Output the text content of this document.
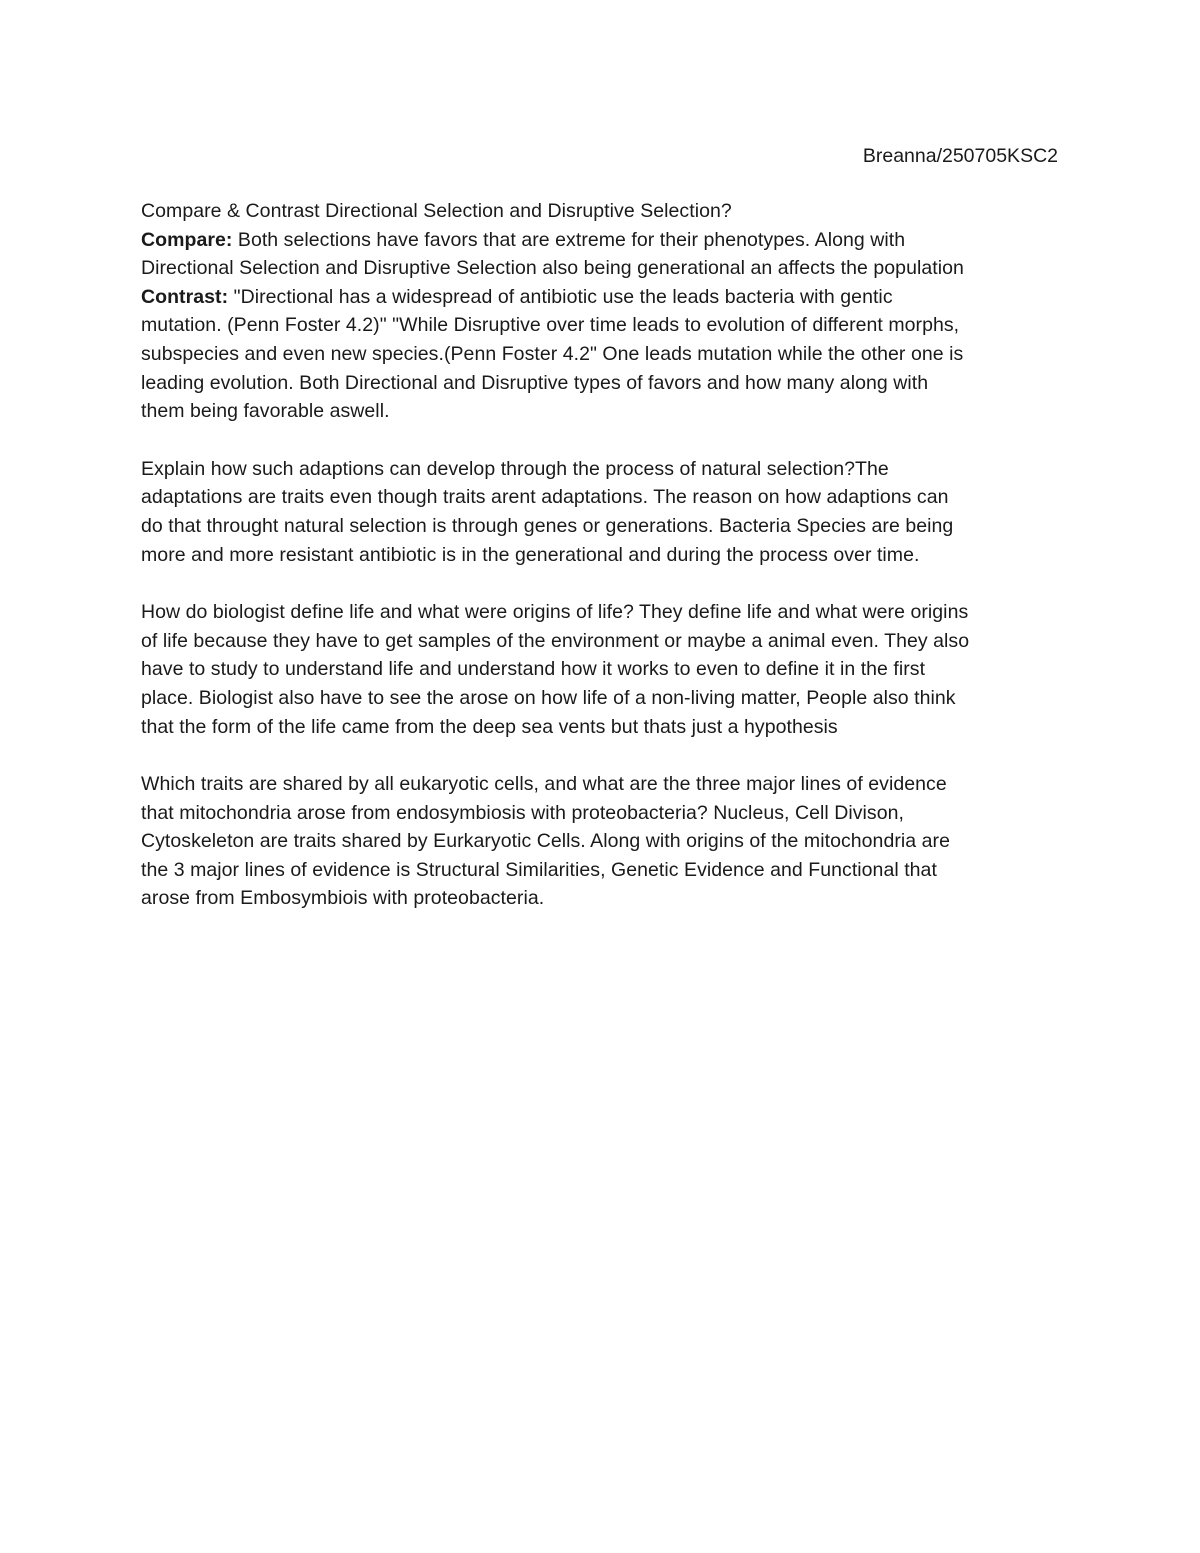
Breanna/250705KSC2
Compare & Contrast Directional Selection and Disruptive Selection?
Compare: Both selections have favors that are extreme for their phenotypes. Along with
Directional Selection and Disruptive Selection also being generational an affects the population
Contrast: "Directional has a widespread of antibiotic use the leads bacteria with gentic
mutation. (Penn Foster 4.2)" "While Disruptive over time leads to evolution of different morphs,
subspecies and even new species.(Penn Foster 4.2" One leads mutation while the other one is
leading evolution. Both Directional and Disruptive types of favors and how many along with
them being favorable aswell.
Explain how such adaptions can develop through the process of natural selection?The
adaptations are traits even though traits arent adaptations. The reason on how adaptions can
do that throught natural selection is through genes or generations. Bacteria Species are being
more and more resistant antibiotic is in the generational and during the process over time.
How do biologist define life and what were origins of life? They define life and what were origins
of life because they have to get samples of the environment or maybe a animal even. They also
have to study to understand life and understand how it works to even to define it in the first
place. Biologist also have to see the arose on how life of a non-living matter, People also think
that the form of the life came from the deep sea vents but thats just a hypothesis
Which traits are shared by all eukaryotic cells, and what are the three major lines of evidence
that mitochondria arose from endosymbiosis with proteobacteria? Nucleus, Cell Divison,
Cytoskeleton are traits shared by Eurkaryotic Cells. Along with origins of the mitochondria are
the 3 major lines of evidence is Structural Similarities, Genetic Evidence and Functional that
arose from Embosymbiois with proteobacteria.
